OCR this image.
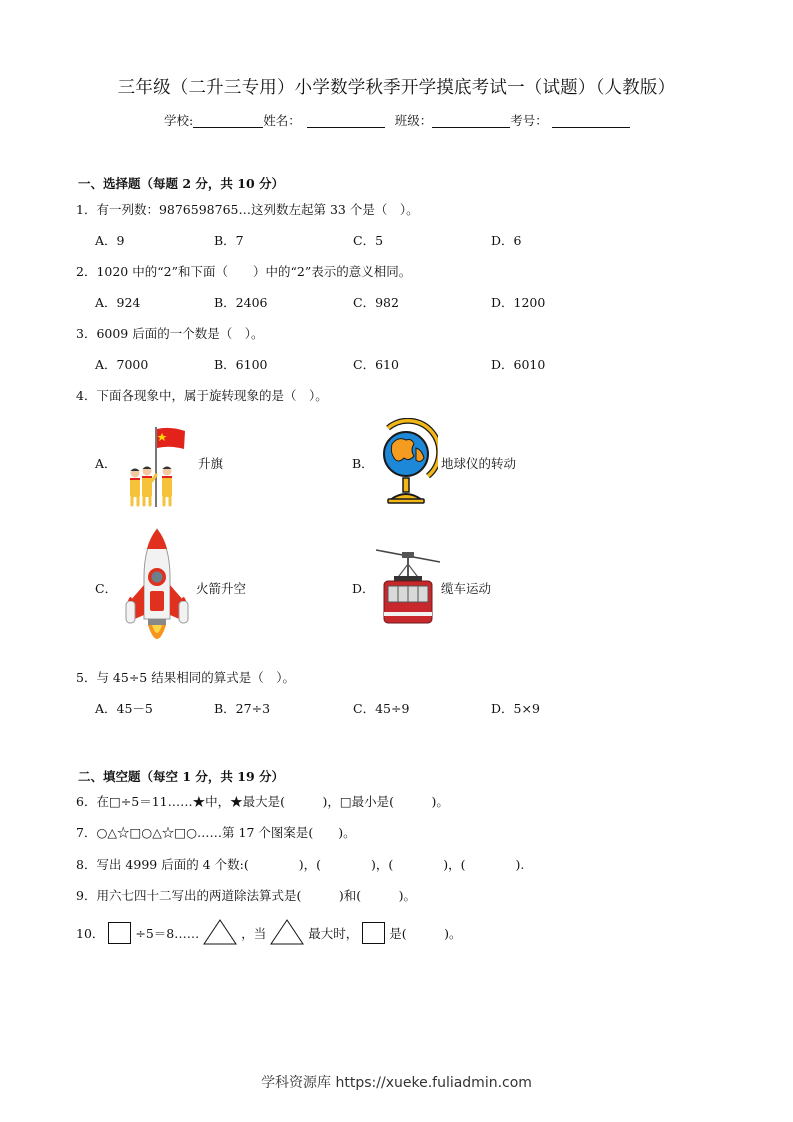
三年级（二升三专用）小学数学秋季开学摸底考试一（试题）（人教版）
学校:	姓名：	班级：	考号：
一、选择题（每题 2 分，共 10 分）
1．有一列数：9876598765…这列数左起第 33 个是（　）。
A．9	B．7	C．5	D．6
2．1020 中的“2”和下面（　　）中的“2”表示的意义相同。
A．924	B．2406	C．982	D．1200
3．6009 后面的一个数是（　）。
A．7000	B．6100	C．610	D．6010
4．下面各现象中，属于旋转现象的是（　）。
A．	升旗	B．	地球仪的转动
C．	火箭升空	D．	缆车运动
5．与 45÷5 结果相同的算式是（　）。
A．45－5	B．27÷3	C．45÷9	D．5×9
二、填空题（每空 1 分，共 19 分）
6．在□÷5＝11……★中，★最大是(　　　)，□最小是(　　　)。
7．○△☆□○△☆□○……第 17 个图案是(　　)。
8．写出 4999 后面的 4 个数:(　　　　)，(　　　　)，(　　　　)，(　　　　).
9．用六七四十二写出的两道除法算式是(　　　)和(　　　)。
10． ÷5＝8……	，当	最大时， 是(　　　)。
学科资源库 https://xueke.fuliadmin.com
